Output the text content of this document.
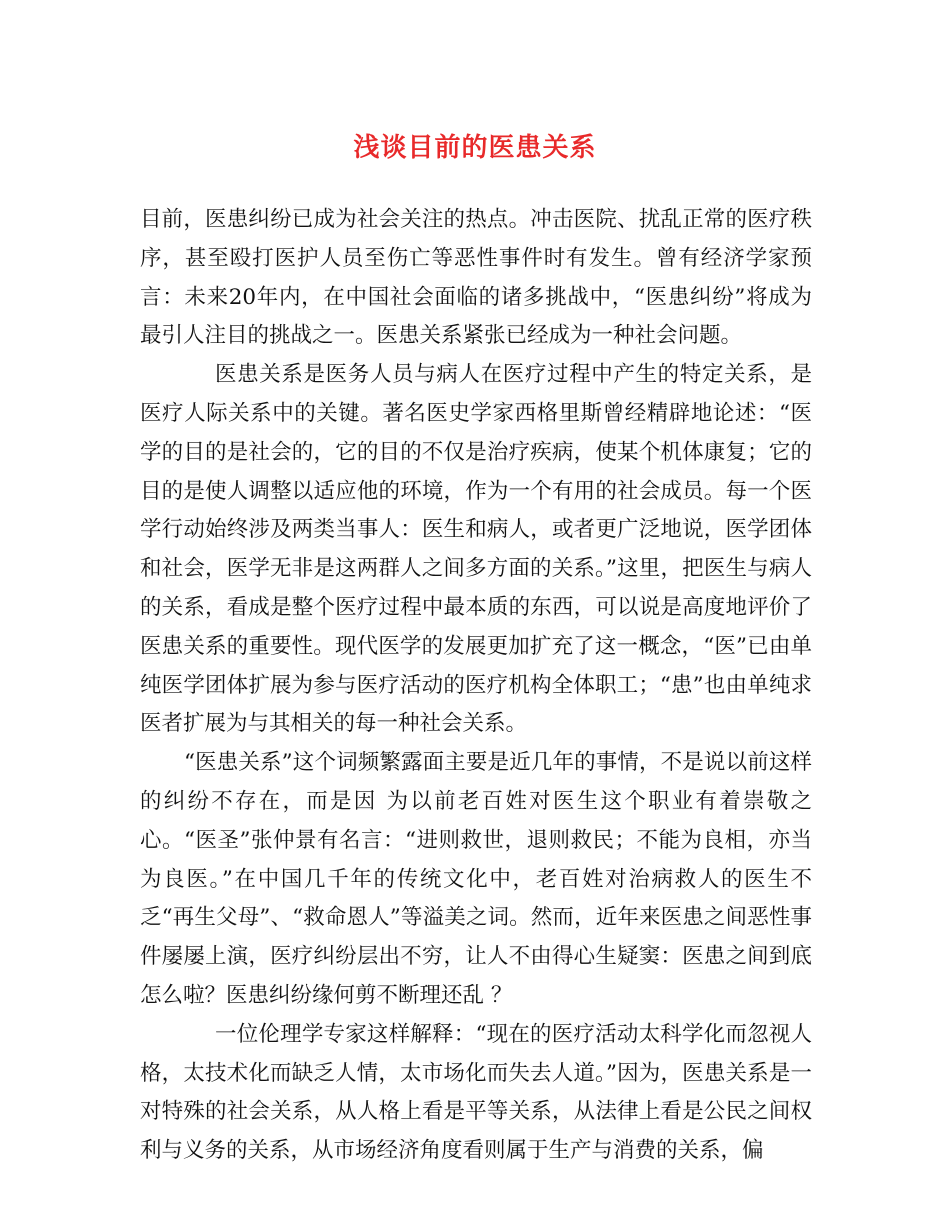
浅谈目前的医患关系

目前，医患纠纷已成为社会关注的热点。冲击医院、扰乱正常的医疗秩序，甚至殴打医护人员至伤亡等恶性事件时有发生。曾有经济学家预言：未来20年内，在中国社会面临的诸多挑战中，“医患纠纷”将成为最引人注目的挑战之一。医患关系紧张已经成为一种社会问题。

医患关系是医务人员与病人在医疗过程中产生的特定关系，是医疗人际关系中的关键。著名医史学家西格里斯曾经精辟地论述：“医学的目的是社会的，它的目的不仅是治疗疾病，使某个机体康复；它的目的是使人调整以适应他的环境，作为一个有用的社会成员。每一个医学行动始终涉及两类当事人：医生和病人，或者更广泛地说，医学团体和社会，医学无非是这两群人之间多方面的关系。”这里，把医生与病人的关系，看成是整个医疗过程中最本质的东西，可以说是高度地评价了医患关系的重要性。现代医学的发展更加扩充了这一概念，“医”已由单纯医学团体扩展为参与医疗活动的医疗机构全体职工；“患”也由单纯求医者扩展为与其相关的每一种社会关系。

“医患关系”这个词频繁露面主要是近几年的事情，不是说以前这样的纠纷不存在，而是因 为以前老百姓对医生这个职业有着崇敬之心。“医圣”张仲景有名言：“进则救世，退则救民；不能为良相，亦当为良医。”在中国几千年的传统文化中，老百姓对治病救人的医生不乏“再生父母”、“救命恩人”等溢美之词。然而，近年来医患之间恶性事件屡屡上演，医疗纠纷层出不穷，让人不由得心生疑窦：医患之间到底怎么啦？医患纠纷缘何剪不断理还乱 ？

一位伦理学专家这样解释：“现在的医疗活动太科学化而忽视人格，太技术化而缺乏人情，太市场化而失去人道。”因为，医患关系是一对特殊的社会关系，从人格上看是平等关系，从法律上看是公民之间权利与义务的关系，从市场经济角度看则属于生产与消费的关系，偏
